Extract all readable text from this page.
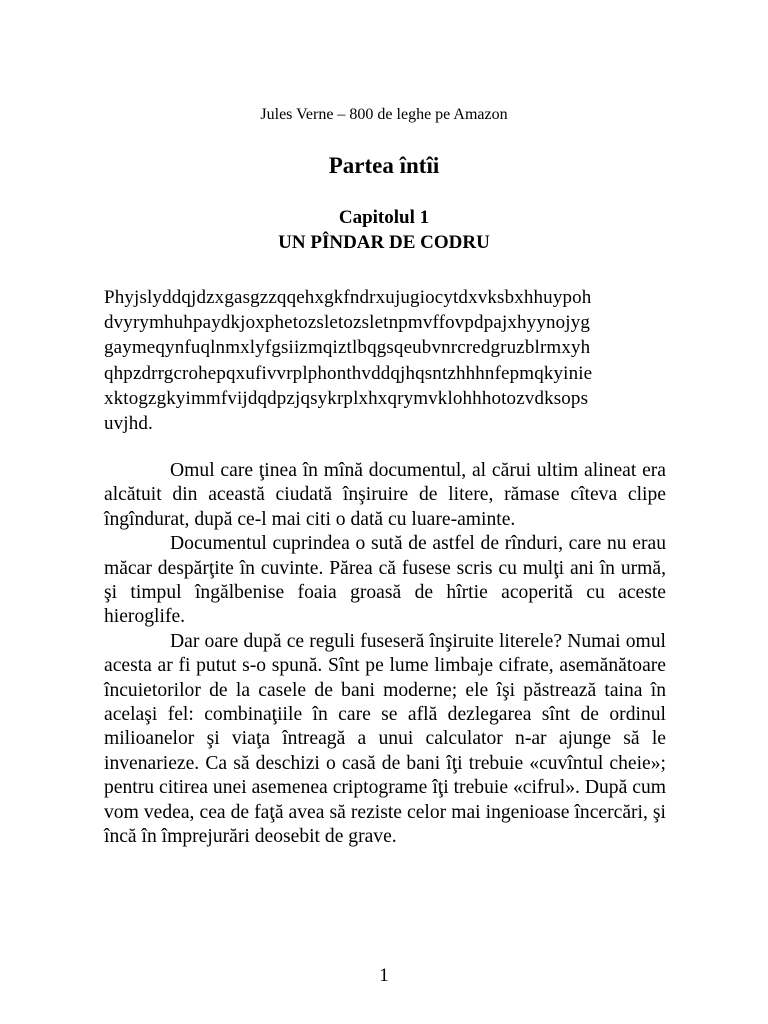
Jules Verne – 800 de leghe pe Amazon
Partea întîi
Capitolul 1
UN PÎNDAR DE CODRU
Phyjslyddqjdzxgasgzzqqehxgkfndrxujugiocytdxvksbxhhuypoh
dvyrymhuhpaydkjoxphetozsletozsletnpmvffovpdpajxhyynojyg
gaymeqynfuqlnmxlyfgsiizmqiztlbqgsqeubvnrcredgruzblrmxyh
qhpzdrrgcrohepqxufivvrplphonthvddqjhqsntzhhhnfepmqkyinie
xktogzgkyimmfvijdqdpzjqsykrplxhxqrymvklohhhotozvdksops
uvjhd.

Omul care ţinea în mînă documentul, al cărui ultim alineat era alcătuit din această ciudată înşiruire de litere, rămase cîteva clipe îngîndurat, după ce-l mai citi o dată cu luare-aminte.

Documentul cuprindea o sută de astfel de rînduri, care nu erau măcar despărţite în cuvinte. Părea că fusese scris cu mulţi ani în urmă, şi timpul îngălbenise foaia groasă de hîrtie acoperită cu aceste hieroglife.

Dar oare după ce reguli fuseseră înşiruite literele? Numai omul acesta ar fi putut s-o spună. Sînt pe lume limbaje cifrate, asemănătoare încuietorilor de la casele de bani moderne; ele îşi păstrează taina în acelaşi fel: combinaţiile în care se află dezlegarea sînt de ordinul milioanelor şi viaţa întreagă a unui calculator n-ar ajunge să le invenarieze. Ca să deschizi o casă de bani îţi trebuie «cuvîntul cheie»; pentru citirea unei asemenea criptograme îţi trebuie «cifrul». După cum vom vedea, cea de faţă avea să reziste celor mai ingenioase încercări, şi încă în împrejurări deosebit de grave.

1
